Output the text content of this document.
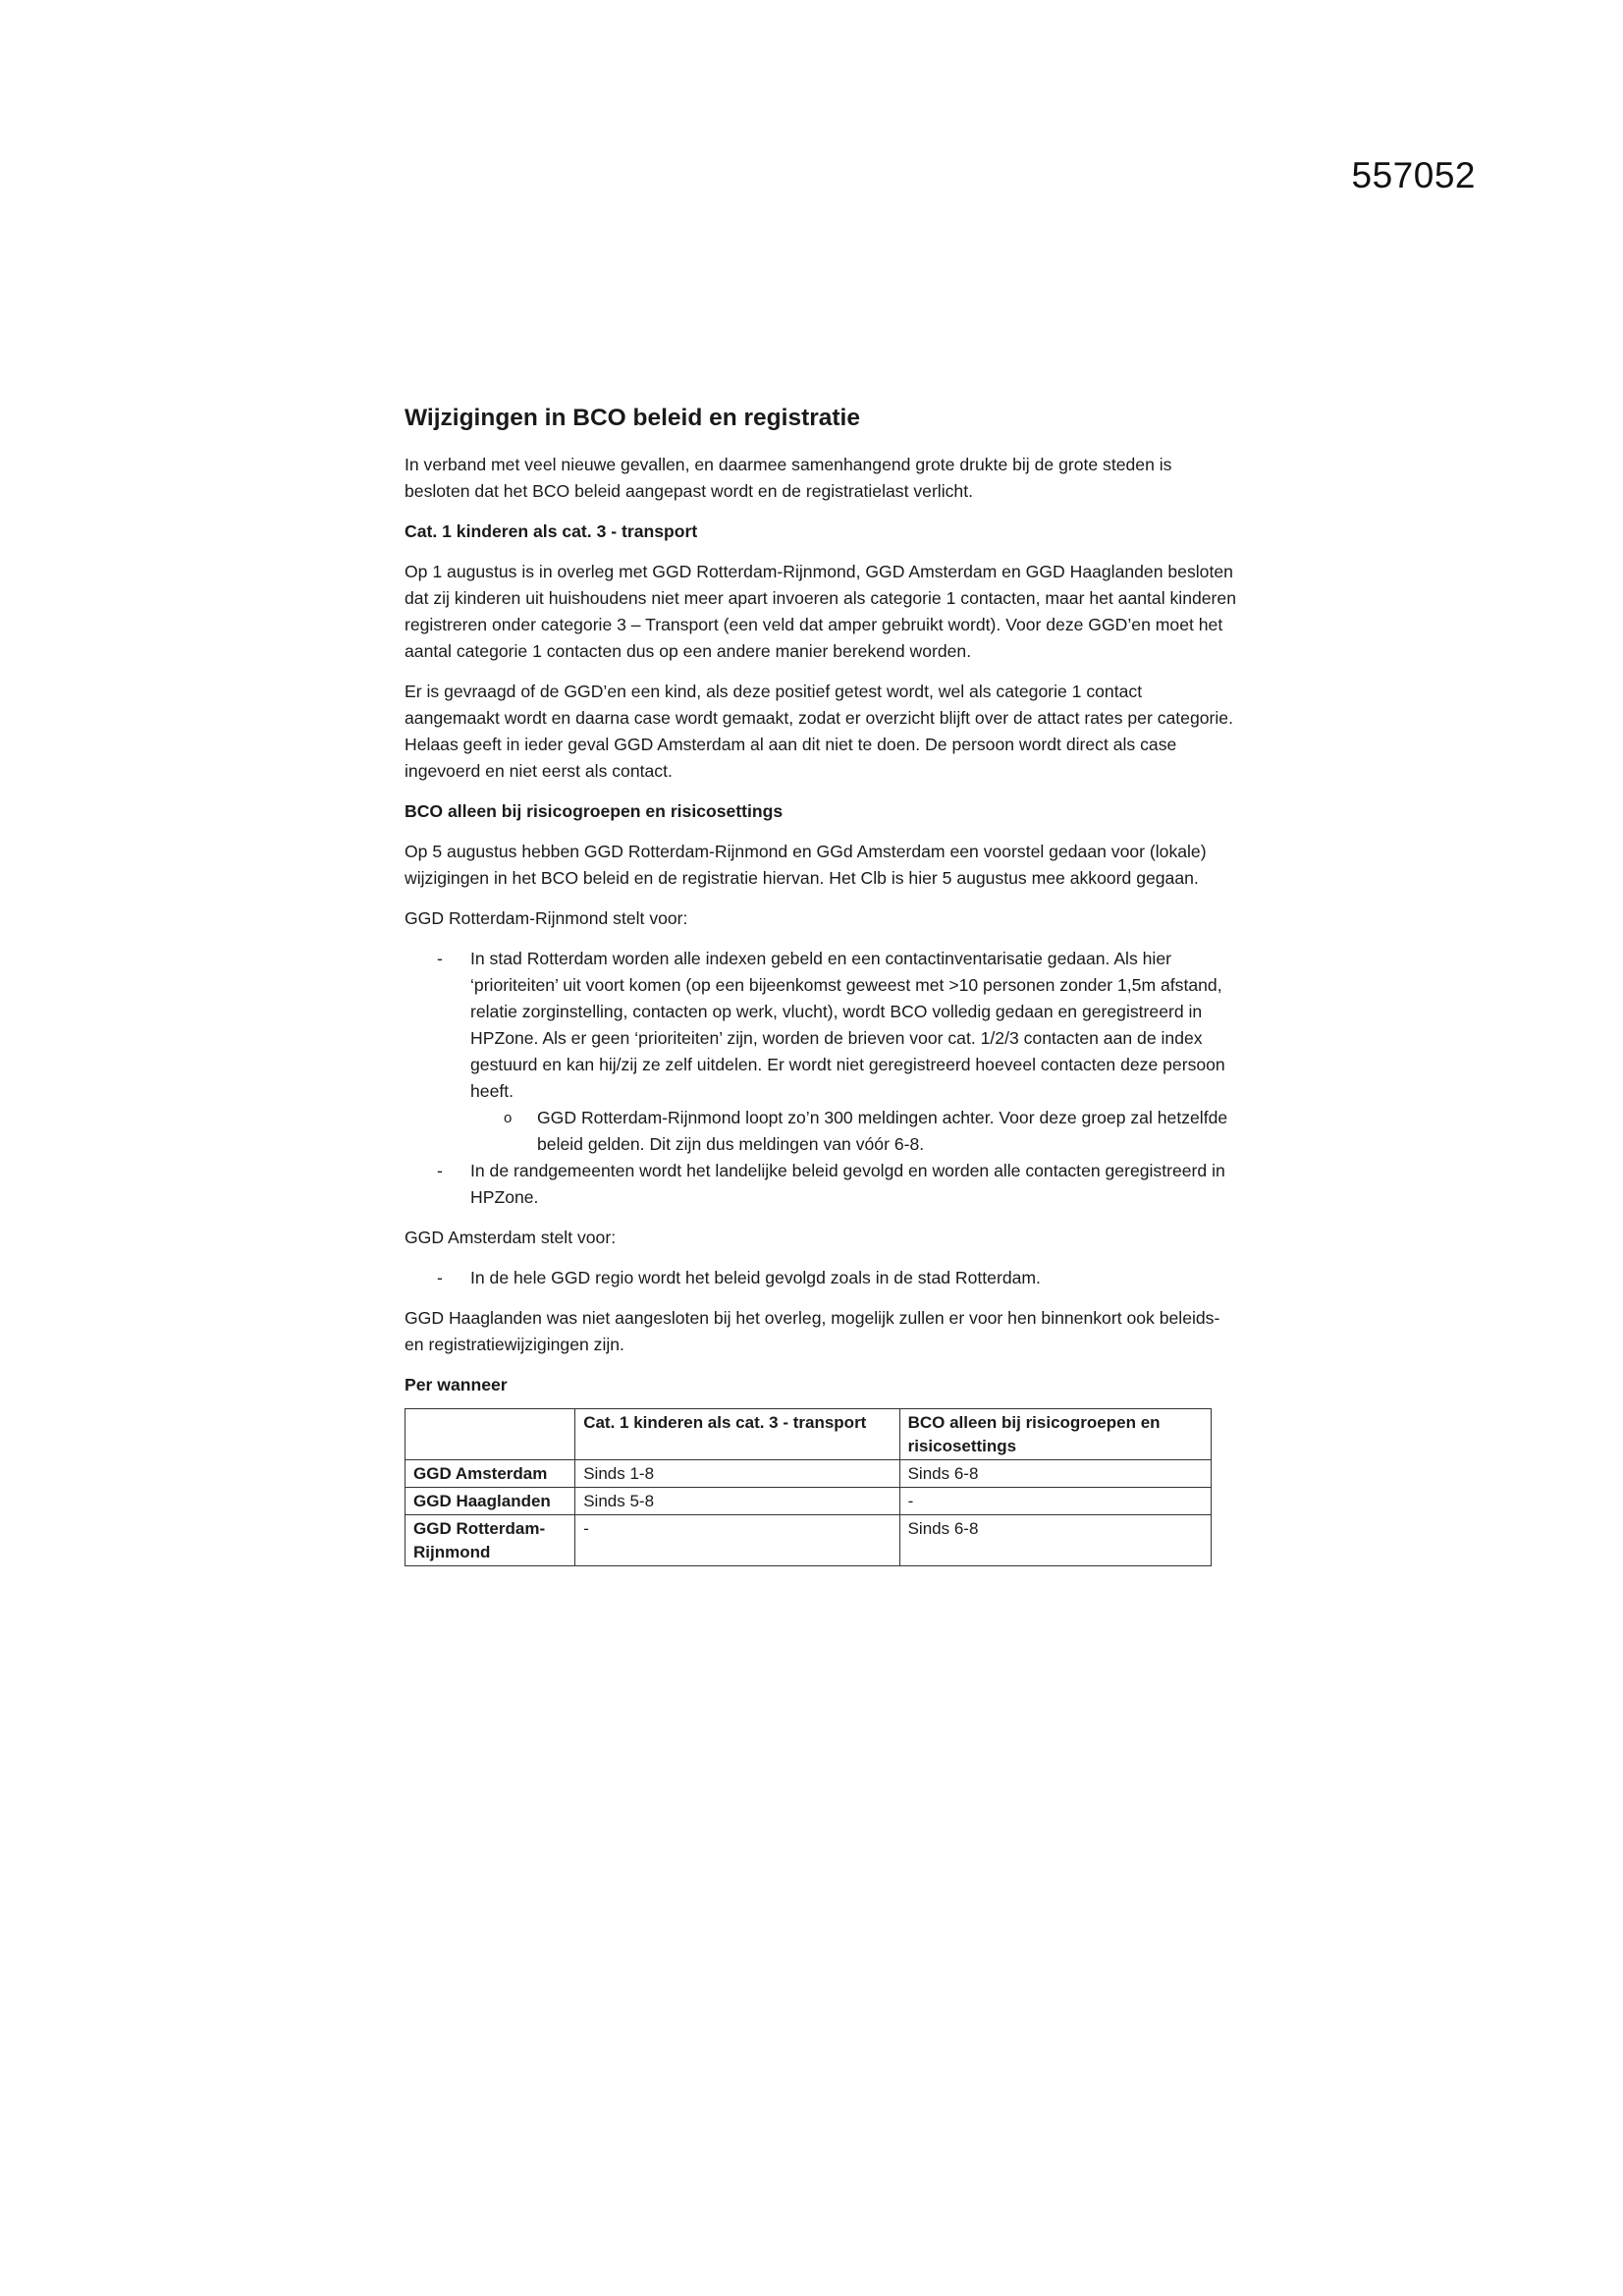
557052
Wijzigingen in BCO beleid en registratie

In verband met veel nieuwe gevallen, en daarmee samenhangend grote drukte bij de grote steden is besloten dat het BCO beleid aangepast wordt en de registratielast verlicht.

Cat. 1 kinderen als cat. 3 - transport

Op 1 augustus is in overleg met GGD Rotterdam-Rijnmond, GGD Amsterdam en GGD Haaglanden besloten dat zij kinderen uit huishoudens niet meer apart invoeren als categorie 1 contacten, maar het aantal kinderen registreren onder categorie 3 – Transport (een veld dat amper gebruikt wordt). Voor deze GGD’en moet het aantal categorie 1 contacten dus op een andere manier berekend worden.

Er is gevraagd of de GGD’en een kind, als deze positief getest wordt, wel als categorie 1 contact aangemaakt wordt en daarna case wordt gemaakt, zodat er overzicht blijft over de attact rates per categorie. Helaas geeft in ieder geval GGD Amsterdam al aan dit niet te doen. De persoon wordt direct als case ingevoerd en niet eerst als contact.

BCO alleen bij risicogroepen en risicosettings

Op 5 augustus hebben GGD Rotterdam-Rijnmond en GGd Amsterdam een voorstel gedaan voor (lokale) wijzigingen in het BCO beleid en de registratie hiervan. Het Clb is hier 5 augustus mee akkoord gegaan.

GGD Rotterdam-Rijnmond stelt voor:

- In stad Rotterdam worden alle indexen gebeld en een contactinventarisatie gedaan. Als hier ‘prioriteiten’ uit voort komen (op een bijeenkomst geweest met >10 personen zonder 1,5m afstand, relatie zorginstelling, contacten op werk, vlucht), wordt BCO volledig gedaan en geregistreerd in HPZone. Als er geen ‘prioriteiten’ zijn, worden de brieven voor cat. 1/2/3 contacten aan de index gestuurd en kan hij/zij ze zelf uitdelen. Er wordt niet geregistreerd hoeveel contacten deze persoon heeft.
o GGD Rotterdam-Rijnmond loopt zo’n 300 meldingen achter. Voor deze groep zal hetzelfde beleid gelden. Dit zijn dus meldingen van vóór 6-8.
- In de randgemeenten wordt het landelijke beleid gevolgd en worden alle contacten geregistreerd in HPZone.

GGD Amsterdam stelt voor:

- In de hele GGD regio wordt het beleid gevolgd zoals in de stad Rotterdam.

GGD Haaglanden was niet aangesloten bij het overleg, mogelijk zullen er voor hen binnenkort ook beleids- en registratiewijzigingen zijn.

Per wanneer
	Cat. 1 kinderen als cat. 3 - transport	BCO alleen bij risicogroepen en risicosettings
GGD Amsterdam	Sinds 1-8	Sinds 6-8
GGD Haaglanden	Sinds 5-8	-
GGD Rotterdam-Rijnmond	-	Sinds 6-8
